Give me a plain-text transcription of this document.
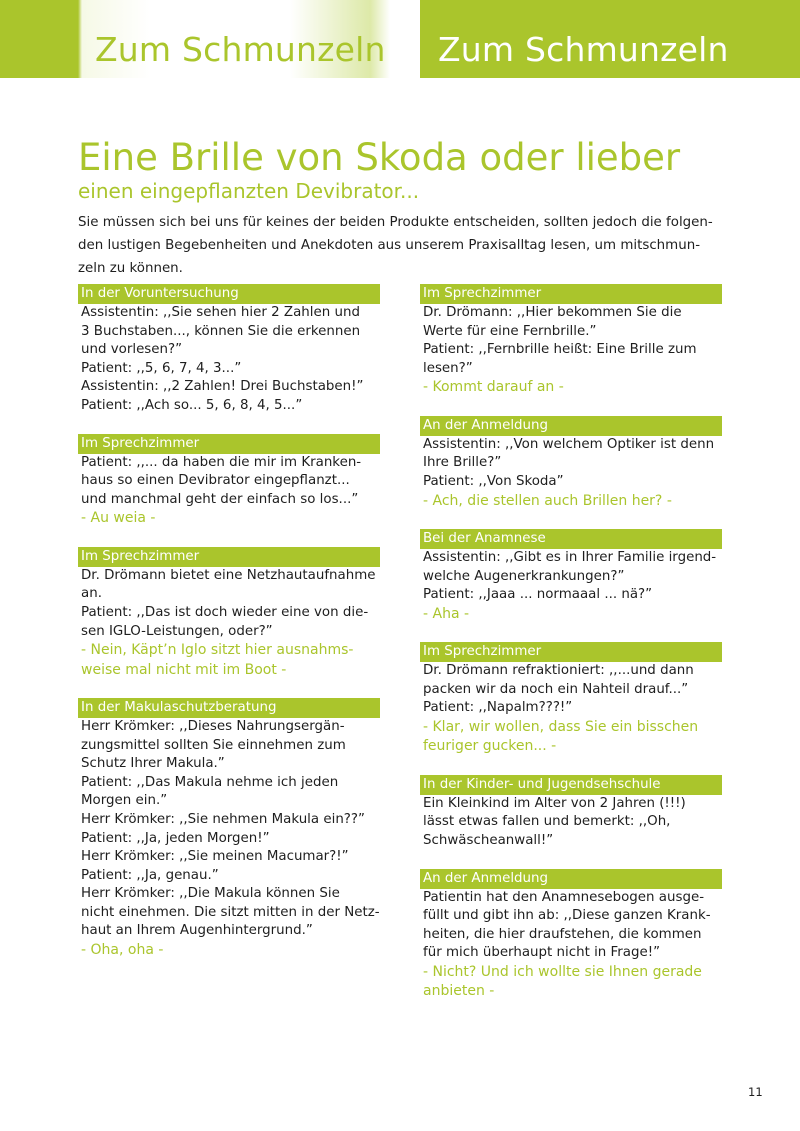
Zum Schmunzeln Zum Schmunzeln
Eine Brille von Skoda oder lieber
einen eingepflanzten Devibrator...
Sie müssen sich bei uns für keines der beiden Produkte entscheiden, sollten jedoch die folgen-
den lustigen Begebenheiten und Anekdoten aus unserem Praxisalltag lesen, um mitschmun-
zeln zu können.
In der Voruntersuchung
Assistentin: ,,Sie sehen hier 2 Zahlen und
3 Buchstaben..., können Sie die erkennen
und vorlesen?”
Patient: ,,5, 6, 7, 4, 3...”
Assistentin: ,,2 Zahlen! Drei Buchstaben!”
Patient: ,,Ach so... 5, 6, 8, 4, 5...”
Im Sprechzimmer
Patient: ,,... da haben die mir im Kranken-
haus so einen Devibrator eingepflanzt...
und manchmal geht der einfach so los...”
- Au weia -
Im Sprechzimmer
Dr. Drömann bietet eine Netzhautaufnahme
an.
Patient: ,,Das ist doch wieder eine von die-
sen IGLO-Leistungen, oder?”
- Nein, Käpt’n Iglo sitzt hier ausnahms-
weise mal nicht mit im Boot -
In der Makulaschutzberatung
Herr Krömker: ,,Dieses Nahrungsergän-
zungsmittel sollten Sie einnehmen zum
Schutz Ihrer Makula.”
Patient: ,,Das Makula nehme ich jeden
Morgen ein.”
Herr Krömker: ,,Sie nehmen Makula ein??”
Patient: ,,Ja, jeden Morgen!”
Herr Krömker: ,,Sie meinen Macumar?!”
Patient: ,,Ja, genau.”
Herr Krömker: ,,Die Makula können Sie
nicht einehmen. Die sitzt mitten in der Netz-
haut an Ihrem Augenhintergrund.”
- Oha, oha -
Im Sprechzimmer
Dr. Drömann: ,,Hier bekommen Sie die
Werte für eine Fernbrille.”
Patient: ,,Fernbrille heißt: Eine Brille zum
lesen?”
- Kommt darauf an -
An der Anmeldung
Assistentin: ,,Von welchem Optiker ist denn
Ihre Brille?”
Patient: ,,Von Skoda”
- Ach, die stellen auch Brillen her? -
Bei der Anamnese
Assistentin: ,,Gibt es in Ihrer Familie irgend-
welche Augenerkrankungen?”
Patient: ,,Jaaa ... normaaal ... nä?”
- Aha -
Im Sprechzimmer
Dr. Drömann refraktioniert: ,,...und dann
packen wir da noch ein Nahteil drauf...”
Patient: ,,Napalm???!”
- Klar, wir wollen, dass Sie ein bisschen
feuriger gucken... -
In der Kinder- und Jugendsehschule
Ein Kleinkind im Alter von 2 Jahren (!!!)
lässt etwas fallen und bemerkt: ,,Oh,
Schwäscheanwall!”
An der Anmeldung
Patientin hat den Anamnesebogen ausge-
füllt und gibt ihn ab: ,,Diese ganzen Krank-
heiten, die hier draufstehen, die kommen
für mich überhaupt nicht in Frage!”
- Nicht? Und ich wollte sie Ihnen gerade
anbieten -
11
